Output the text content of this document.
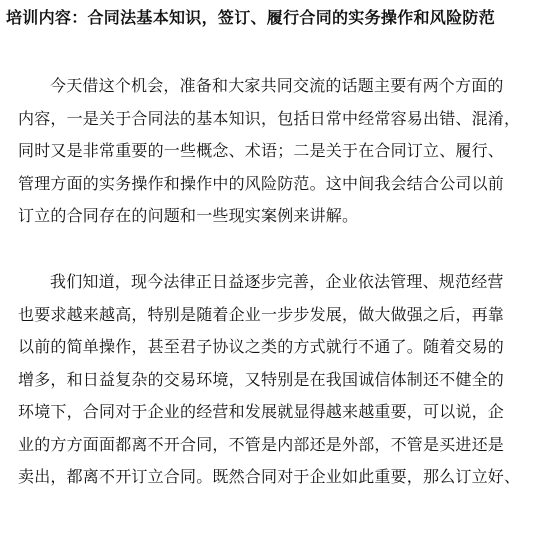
培训内容：合同法基本知识，签订、履行合同的实务操作和风险防范
今天借这个机会，准备和大家共同交流的话题主要有两个方面的
内容，一是关于合同法的基本知识，包括日常中经常容易出错、混淆，
同时又是非常重要的一些概念、术语；二是关于在合同订立、履行、
管理方面的实务操作和操作中的风险防范。这中间我会结合公司以前
订立的合同存在的问题和一些现实案例来讲解。
我们知道，现今法律正日益逐步完善，企业依法管理、规范经营
也要求越来越高，特别是随着企业一步步发展，做大做强之后，再靠
以前的简单操作，甚至君子协议之类的方式就行不通了。随着交易的
增多，和日益复杂的交易环境，又特别是在我国诚信体制还不健全的
环境下，合同对于企业的经营和发展就显得越来越重要，可以说，企
业的方方面面都离不开合同，不管是内部还是外部，不管是买进还是
卖出，都离不开订立合同。既然合同对于企业如此重要，那么订立好、
